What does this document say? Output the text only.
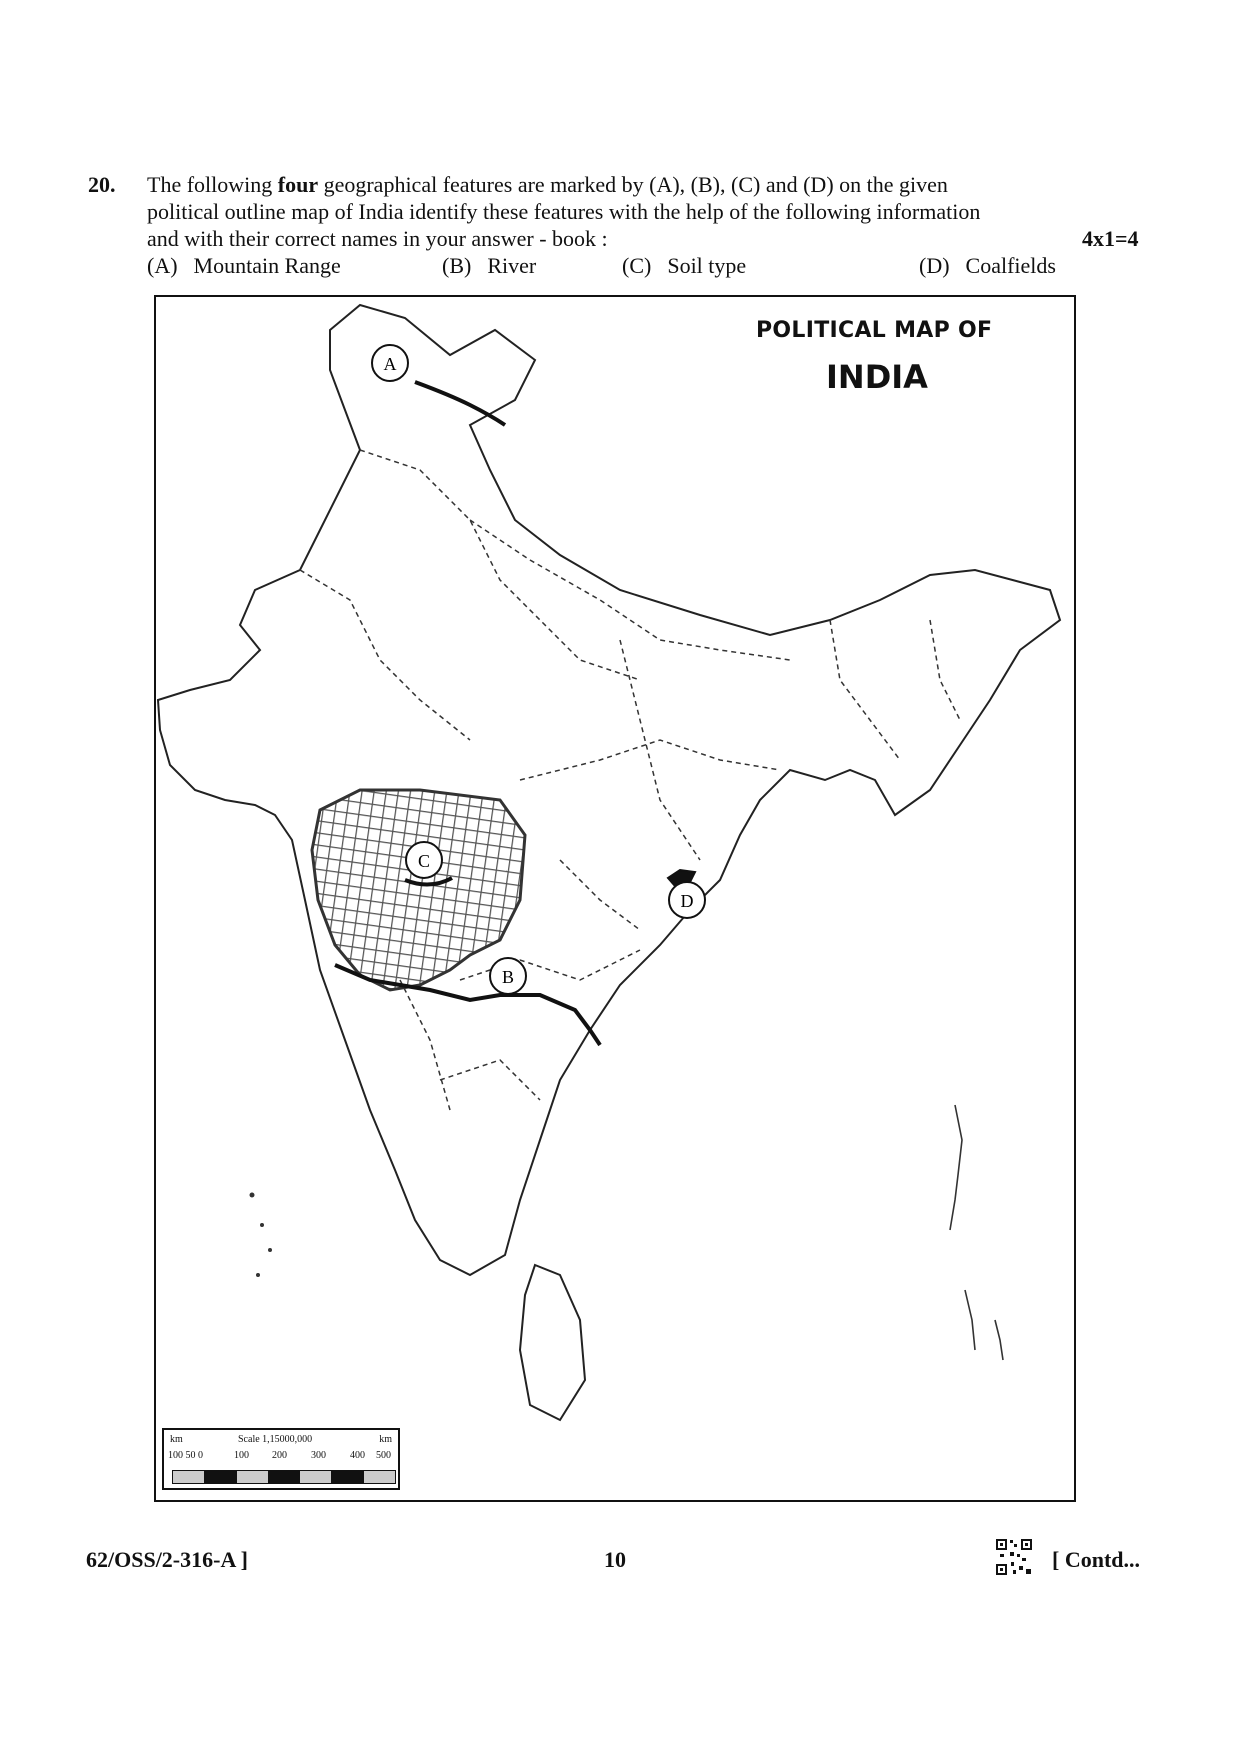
20. The following four geographical features are marked by (A), (B), (C) and (D) on the given

political outline map of India identify these features with the help of the following information

and with their correct names in your answer - book :	4x1=4
(A) Mountain Range	(B) River	(C) Soil type	(D) Coalfields
A
C
B
D
POLITICAL MAP OF
INDIA
km	Scale 1,15000,000	km
100 50 0	100 200 300 400 500
62/OSS/2-316-A ]	10	[ Contd...
